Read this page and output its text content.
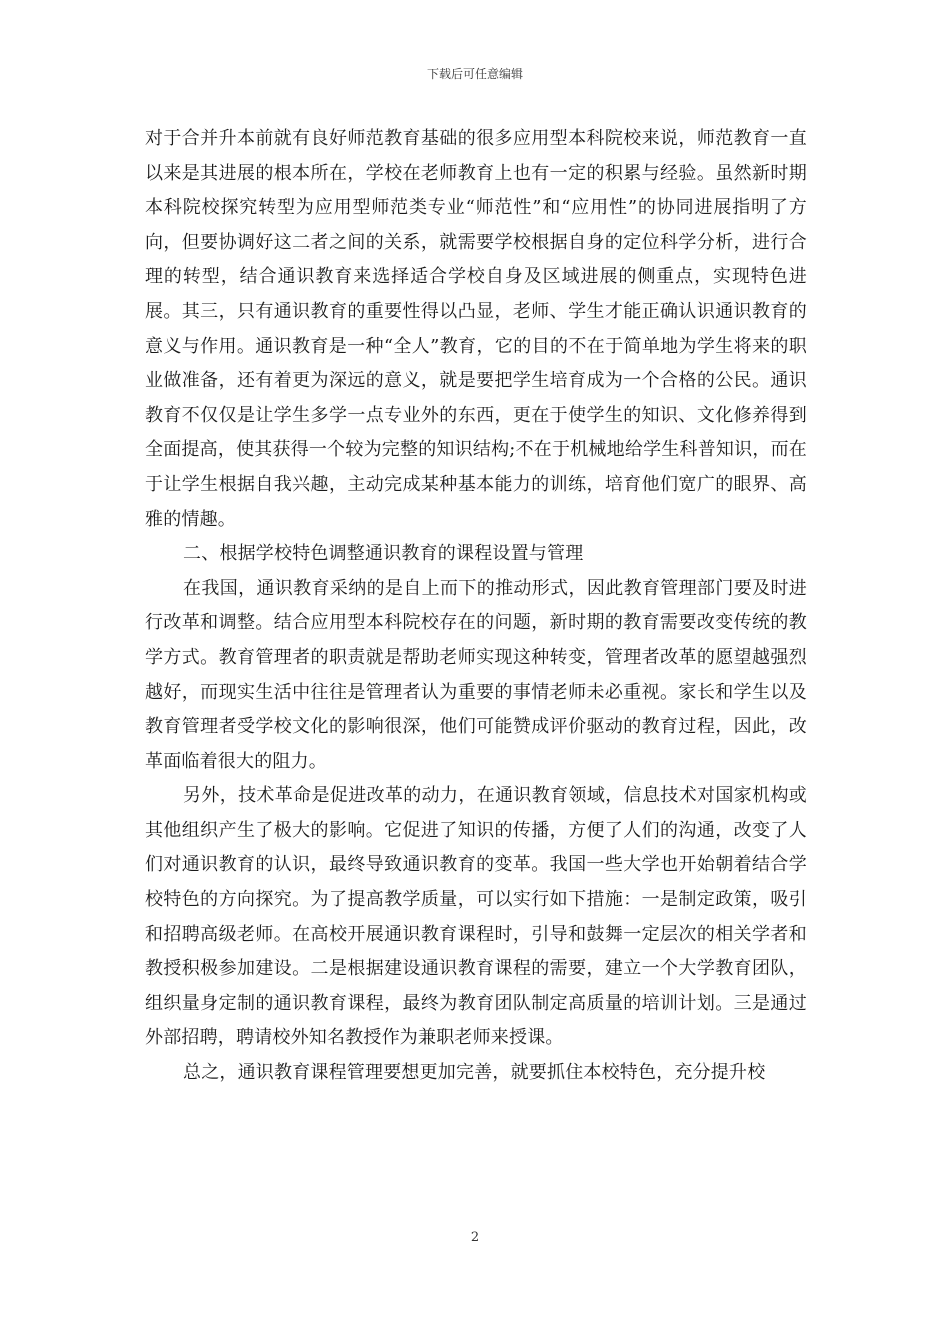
下载后可任意编辑

对于合并升本前就有良好师范教育基础的很多应用型本科院校来说，师范教育一直以来是其进展的根本所在，学校在老师教育上也有一定的积累与经验。虽然新时期本科院校探究转型为应用型师范类专业“师范性”和“应用性”的协同进展指明了方向，但要协调好这二者之间的关系，就需要学校根据自身的定位科学分析，进行合理的转型，结合通识教育来选择适合学校自身及区域进展的侧重点，实现特色进展。其三，只有通识教育的重要性得以凸显，老师、学生才能正确认识通识教育的意义与作用。通识教育是一种“全人”教育，它的目的不在于简单地为学生将来的职业做准备，还有着更为深远的意义，就是要把学生培育成为一个合格的公民。通识教育不仅仅是让学生多学一点专业外的东西，更在于使学生的知识、文化修养得到全面提高，使其获得一个较为完整的知识结构;不在于机械地给学生科普知识，而在于让学生根据自我兴趣，主动完成某种基本能力的训练，培育他们宽广的眼界、高雅的情趣。

二、根据学校特色调整通识教育的课程设置与管理

在我国，通识教育采纳的是自上而下的推动形式，因此教育管理部门要及时进行改革和调整。结合应用型本科院校存在的问题，新时期的教育需要改变传统的教学方式。教育管理者的职责就是帮助老师实现这种转变，管理者改革的愿望越强烈越好，而现实生活中往往是管理者认为重要的事情老师未必重视。家长和学生以及教育管理者受学校文化的影响很深，他们可能赞成评价驱动的教育过程，因此，改革面临着很大的阻力。

另外，技术革命是促进改革的动力，在通识教育领域，信息技术对国家机构或其他组织产生了极大的影响。它促进了知识的传播，方便了人们的沟通，改变了人们对通识教育的认识，最终导致通识教育的变革。我国一些大学也开始朝着结合学校特色的方向探究。为了提高教学质量，可以实行如下措施：一是制定政策，吸引和招聘高级老师。在高校开展通识教育课程时，引导和鼓舞一定层次的相关学者和教授积极参加建设。二是根据建设通识教育课程的需要，建立一个大学教育团队，组织量身定制的通识教育课程，最终为教育团队制定高质量的培训计划。三是通过外部招聘，聘请校外知名教授作为兼职老师来授课。

总之，通识教育课程管理要想更加完善，就要抓住本校特色，充分提升校

2
